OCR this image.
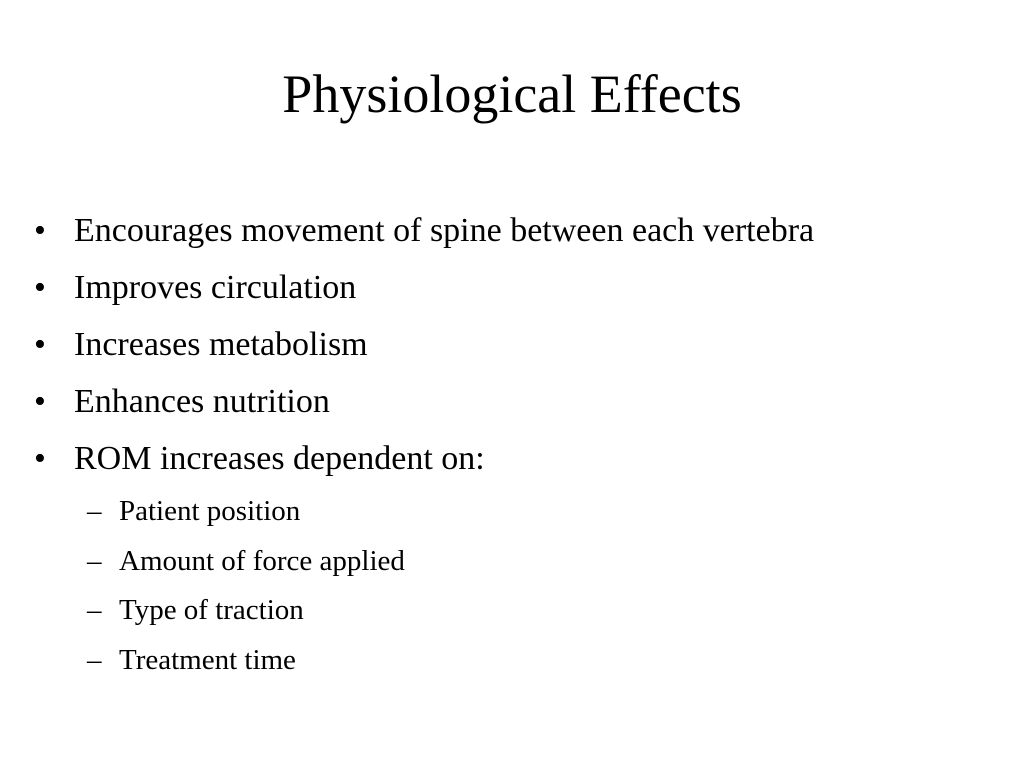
Physiological Effects
• Encourages movement of spine between each vertebra
• Improves circulation
• Increases metabolism
• Enhances nutrition
• ROM increases dependent on:
– Patient position
– Amount of force applied
– Type of traction
– Treatment time
